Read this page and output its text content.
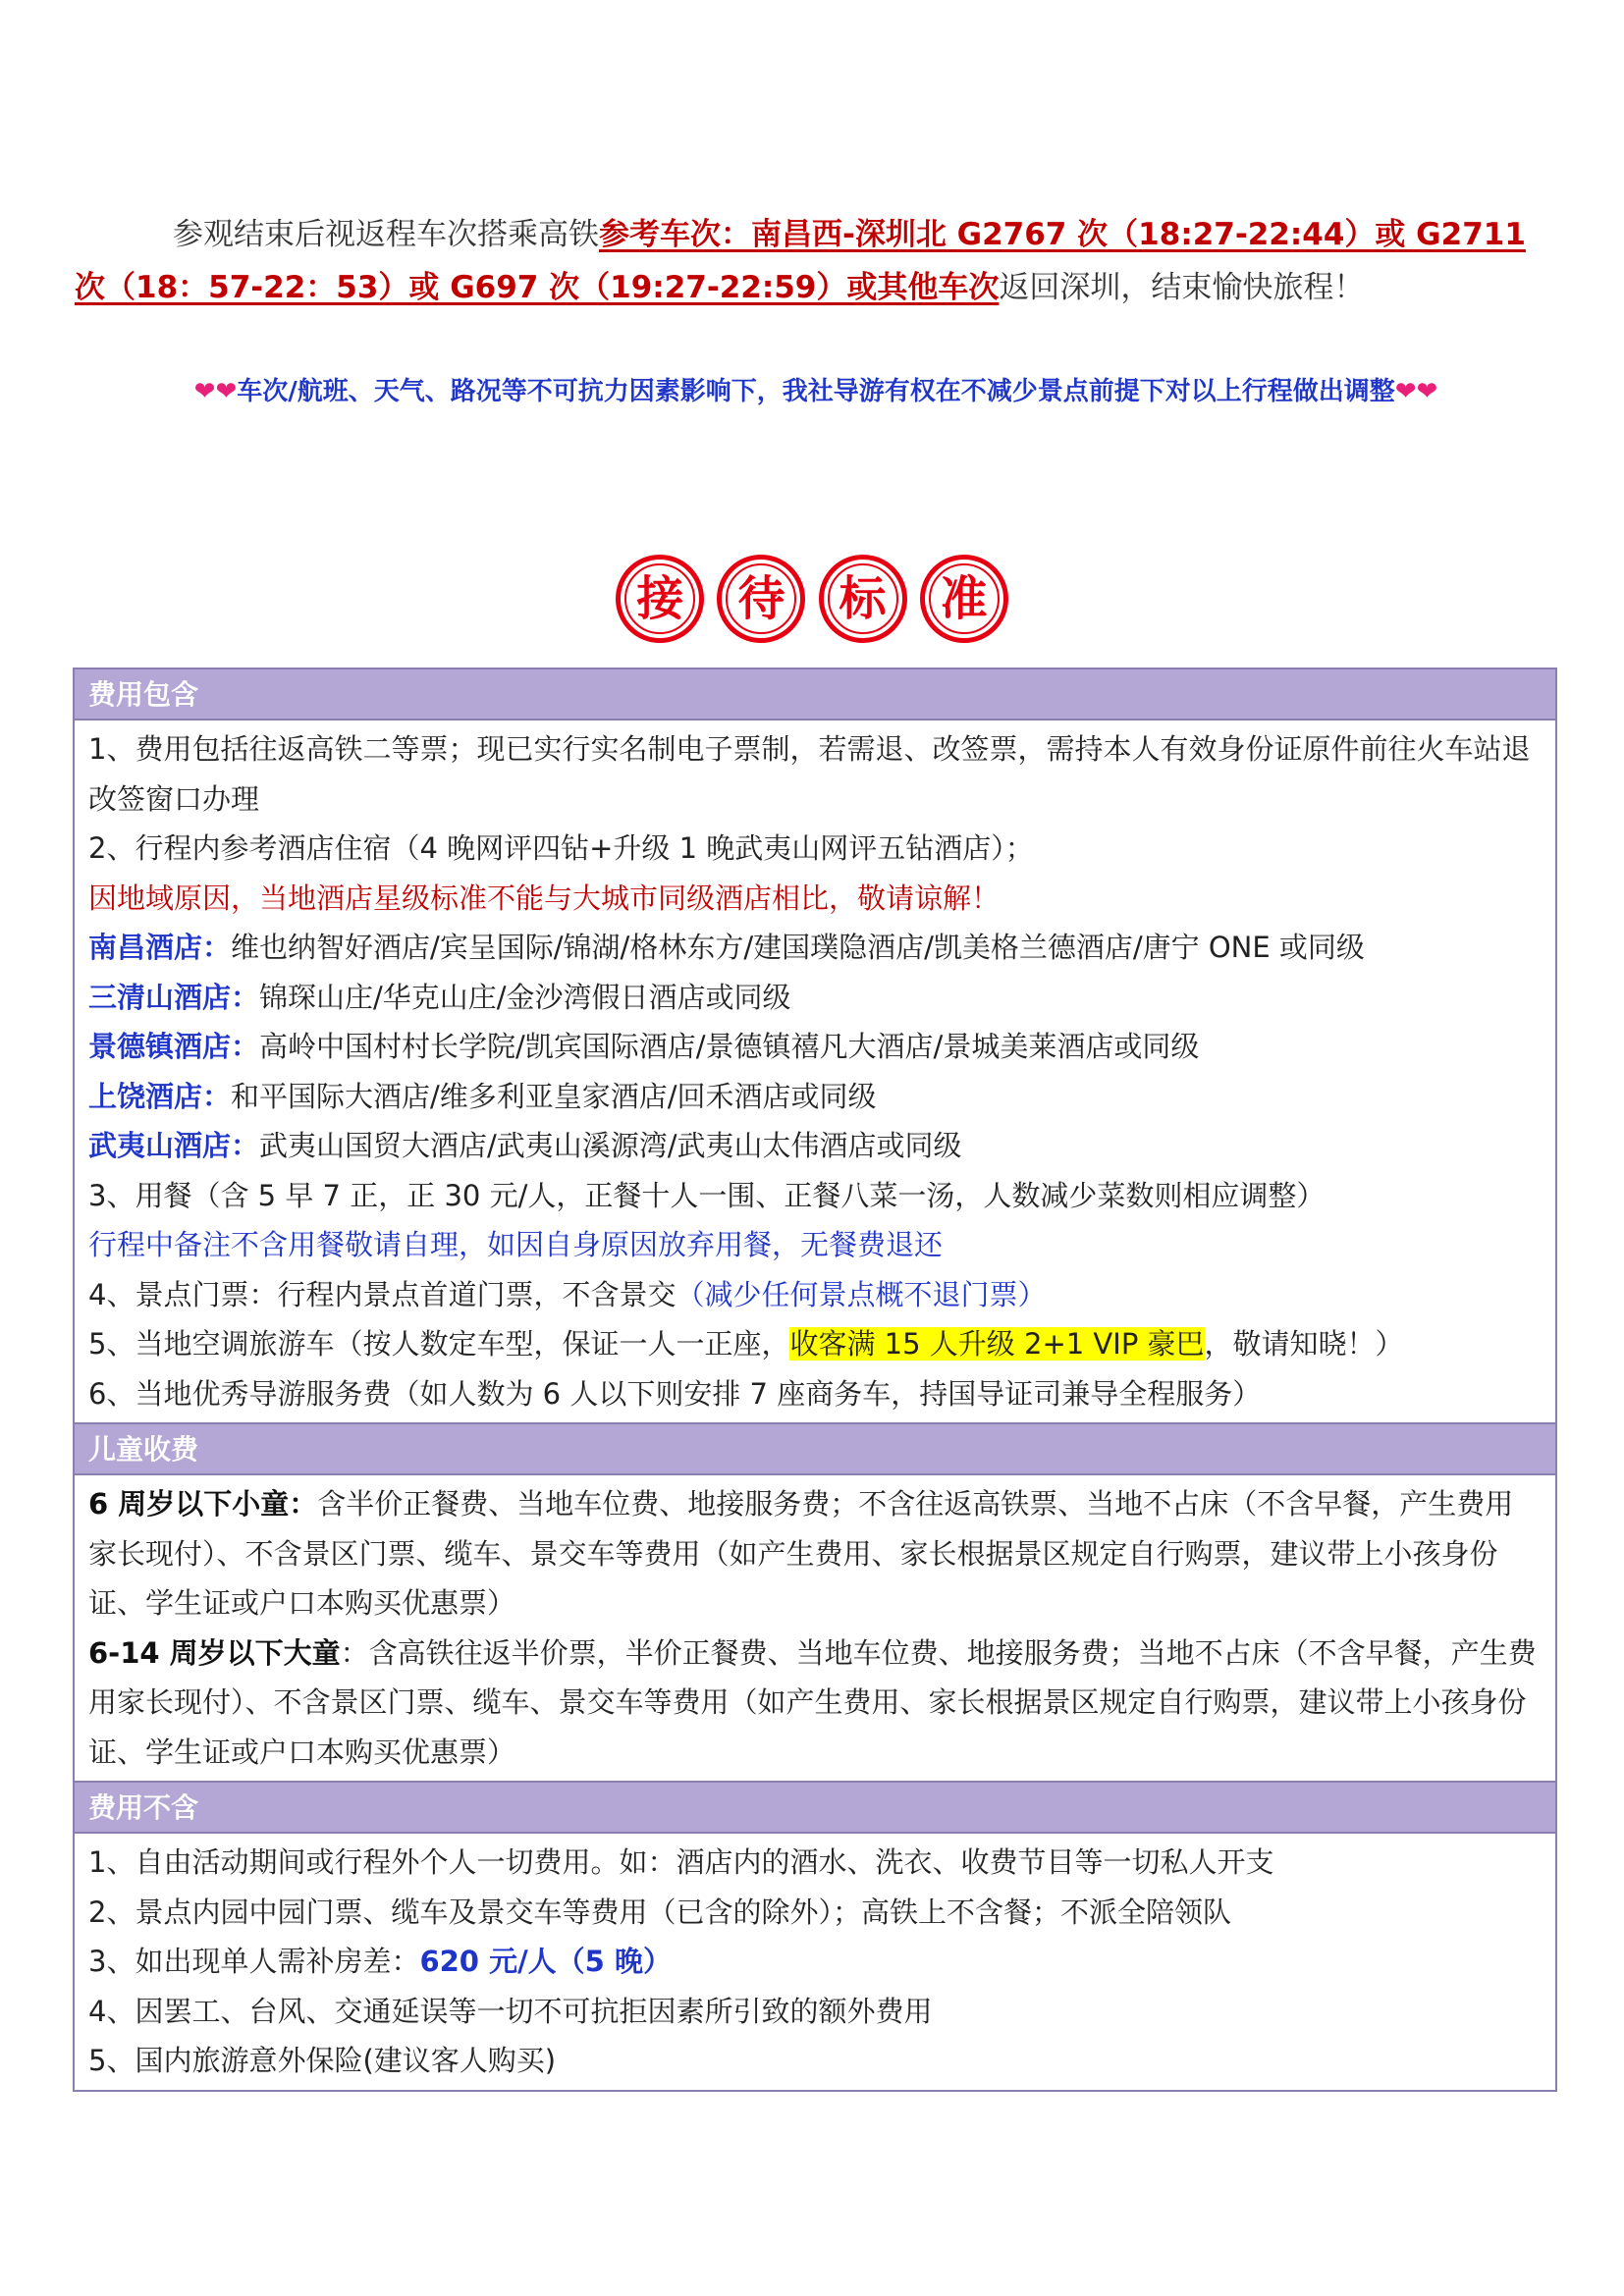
参观结束后视返程车次搭乘高铁参考车次：南昌西-深圳北 G2767 次（18:27-22:44）或 G2711
次（18：57-22：53）或 G697 次（19:27-22:59）或其他车次返回深圳，结束愉快旅程！
❤❤车次/航班、天气、路况等不可抗力因素影响下，我社导游有权在不减少景点前提下对以上行程做出调整❤❤
接
	待
	标
	准
费用包含

1、费用包括往返高铁二等票；现已实行实名制电子票制，若需退、改签票，需持本人有效身份证原件前往火车站退改签窗口办理
2、行程内参考酒店住宿（4 晚网评四钻+升级 1 晚武夷山网评五钻酒店）；
因地域原因，当地酒店星级标准不能与大城市同级酒店相比，敬请谅解！
南昌酒店：维也纳智好酒店/宾呈国际/锦湖/格林东方/建国璞隐酒店/凯美格兰德酒店/唐宁 ONE 或同级
三清山酒店：锦琛山庄/华克山庄/金沙湾假日酒店或同级
景德镇酒店：高岭中国村村长学院/凯宾国际酒店/景德镇禧凡大酒店/景城美莱酒店或同级
上饶酒店：和平国际大酒店/维多利亚皇家酒店/回禾酒店或同级
武夷山酒店：武夷山国贸大酒店/武夷山溪源湾/武夷山太伟酒店或同级
3、用餐（含 5 早 7 正，正 30 元/人，正餐十人一围、正餐八菜一汤，人数减少菜数则相应调整）
行程中备注不含用餐敬请自理，如因自身原因放弃用餐，无餐费退还
4、景点门票：行程内景点首道门票，不含景交（减少任何景点概不退门票）
5、当地空调旅游车（按人数定车型，保证一人一正座，收客满 15 人升级 2+1 VIP 豪巴，敬请知晓！）
6、当地优秀导游服务费（如人数为 6 人以下则安排 7 座商务车，持国导证司兼导全程服务）

儿童收费

6 周岁以下小童：含半价正餐费、当地车位费、地接服务费；不含往返高铁票、当地不占床（不含早餐，产生费用家长现付）、不含景区门票、缆车、景交车等费用（如产生费用、家长根据景区规定自行购票，建议带上小孩身份证、学生证或户口本购买优惠票）
6-14 周岁以下大童：含高铁往返半价票，半价正餐费、当地车位费、地接服务费；当地不占床（不含早餐，产生费用家长现付）、不含景区门票、缆车、景交车等费用（如产生费用、家长根据景区规定自行购票，建议带上小孩身份证、学生证或户口本购买优惠票）

费用不含

1、自由活动期间或行程外个人一切费用。如：酒店内的酒水、洗衣、收费节目等一切私人开支
2、景点内园中园门票、缆车及景交车等费用（已含的除外）；高铁上不含餐；不派全陪领队
3、如出现单人需补房差：620 元/人（5 晚）
4、因罢工、台风、交通延误等一切不可抗拒因素所引致的额外费用
5、国内旅游意外保险(建议客人购买)
